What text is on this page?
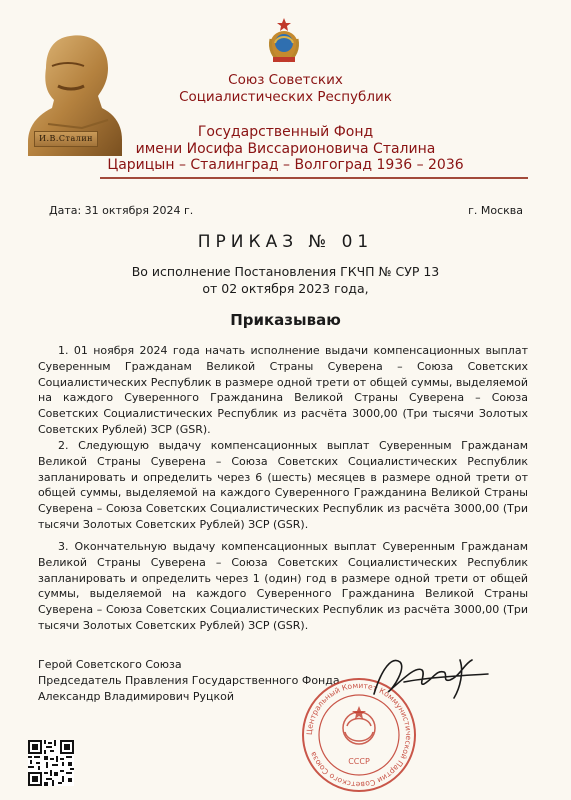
И.В.Сталин
Союз Советских
Социалистических Республик
Государственный Фонд
имени Иосифа Виссарионовича Сталина
Царицын – Сталинград – Волгоград 1936 – 2036
Дата: 31 октября 2024 г.	г. Москва
ПРИКАЗ № 01
Во исполнение Постановления ГКЧП № СУР 13
от 02 октября 2023 года,
Приказываю
1. 01 ноября 2024 года начать исполнение выдачи компенсационных выплат Суверенным Гражданам Великой Страны Суверена – Союза Советских Социалистических Республик в размере одной трети от общей суммы, выделяемой на каждого Суверенного Гражданина Великой Страны Суверена – Союза Советских Социалистических Республик из расчёта 3000,00 (Три тысячи Золотых Советских Рублей) ЗСР (GSR).
2. Следующую выдачу компенсационных выплат Суверенным Гражданам Великой Страны Суверена – Союза Советских Социалистических Республик запланировать и определить через 6 (шесть) месяцев в размере одной трети от общей суммы, выделяемой на каждого Суверенного Гражданина Великой Страны Суверена – Союза Советских Социалистических Республик из расчёта 3000,00 (Три тысячи Золотых Советских Рублей) ЗСР (GSR).
3. Окончательную выдачу компенсационных выплат Суверенным Гражданам Великой Страны Суверена – Союза Советских Социалистических Республик запланировать и определить через 1 (один) год в размере одной трети от общей суммы, выделяемой на каждого Суверенного Гражданина Великой Страны Суверена – Союза Советских Социалистических Республик из расчёта 3000,00 (Три тысячи Золотых Советских Рублей) ЗСР (GSR).
Герой Советского Союза
Председатель Правления Государственного Фонда
Александр Владимирович Руцкой
Центральный Комитет Коммунистической Партии Советского Союза
СССР
